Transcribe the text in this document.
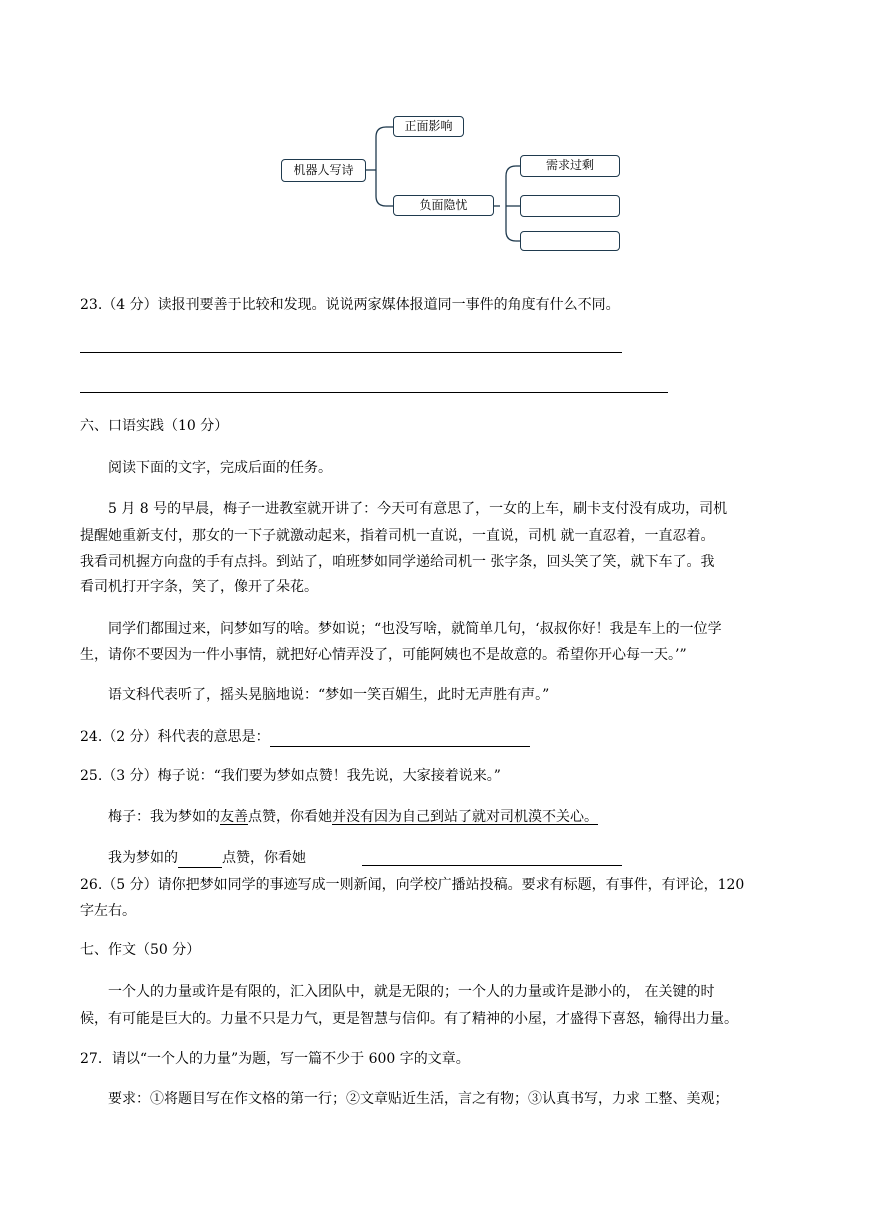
机器人写诗
正面影响
负面隐忧
需求过剩
23.（4 分）读报刊要善于比较和发现。说说两家媒体报道同一事件的角度有什么不同。
六、口语实践（10 分）
阅读下面的文字，完成后面的任务。
5 月 8 号的早晨，梅子一进教室就开讲了：今天可有意思了，一女的上车，刷卡支付没有成功，司机
提醒她重新支付，那女的一下子就激动起来，指着司机一直说，一直说，司机 就一直忍着，一直忍着。
我看司机握方向盘的手有点抖。到站了，咱班梦如同学递给司机一 张字条，回头笑了笑，就下车了。我
看司机打开字条，笑了，像开了朵花。
同学们都围过来，问梦如写的啥。梦如说；“也没写啥，就简单几句，‘叔叔你好！我是车上的一位学
生，请你不要因为一件小事情，就把好心情弄没了，可能阿姨也不是故意的。希望你开心每一天。’”
语文科代表听了，摇头晃脑地说：“梦如一笑百媚生，此时无声胜有声。”
24.（2 分）科代表的意思是：
25.（3 分）梅子说：“我们要为梦如点赞！我先说，大家接着说来。”
梅子：我为梦如的友善点赞，你看她并没有因为自己到站了就对司机漠不关心。
我为梦如的	点赞，你看她
26.（5 分）请你把梦如同学的事迹写成一则新闻，向学校广播站投稿。要求有标题，有事件，有评论，120
字左右。
七、作文（50 分）
一个人的力量或许是有限的，汇入团队中，就是无限的；一个人的力量或许是渺小的， 在关键的时
候，有可能是巨大的。力量不只是力气，更是智慧与信仰。有了精神的小屋，才盛得下喜怒，输得出力量。
27．请以“一个人的力量”为题，写一篇不少于 600 字的文章。
要求：①将题目写在作文格的第一行；②文章贴近生活，言之有物；③认真书写，力求 工整、美观；
